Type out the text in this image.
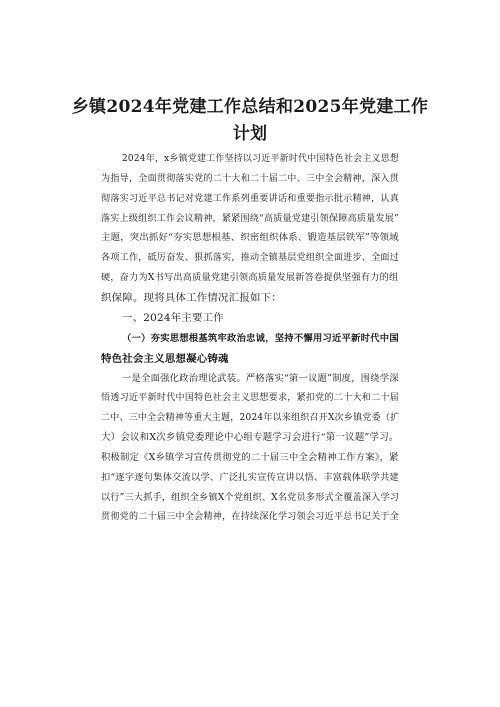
乡镇2024年党建工作总结和2025年党建工作
计划
2024年，x乡镇党建工作坚持以习近平新时代中国特色社会主义思想
为指导，全面贯彻落实党的二十大和二十届二中、三中全会精神，深入贯
彻落实习近平总书记对党建工作系列重要讲话和重要指示批示精神，认真
落实上级组织工作会议精神，紧紧围绕“高质量党建引领保障高质量发展”
主题，突出抓好“夯实思想根基、织密组织体系、锻造基层铁军”等领域
各项工作，砥厉奋发、狠抓落实，推动全镇基层党组织全面进步、全面过
硬，奋力为X书写出高质量党建引领高质量发展新答卷提供坚强有力的组
织保障。现将具体工作情况汇报如下：
一、2024年主要工作
（一）夯实思想根基筑牢政治忠诚，坚持不懈用习近平新时代中国
特色社会主义思想凝心铸魂
一是全面强化政治理论武装。严格落实“第一议题”制度，围绕学深
悟透习近平新时代中国特色社会主义思想要求，紧扣党的二十大和二十届
二中、三中全会精神等重大主题，2024年以来组织召开X次乡镇党委（扩
大）会议和X次乡镇党委理论中心组专题学习会进行“第一议题”学习。
积极制定《X乡镇学习宣传贯彻党的二十届三中全会精神工作方案》，紧
扣“逐字逐句集体交流以学、广泛扎实宣传宣讲以悟、丰富载体联学共建
以行”三大抓手，组织全乡镇X个党组织、X名党员多形式全覆盖深入学习
贯彻党的二十届三中全会精神，在持续深化学习领会习近平总书记关于全
